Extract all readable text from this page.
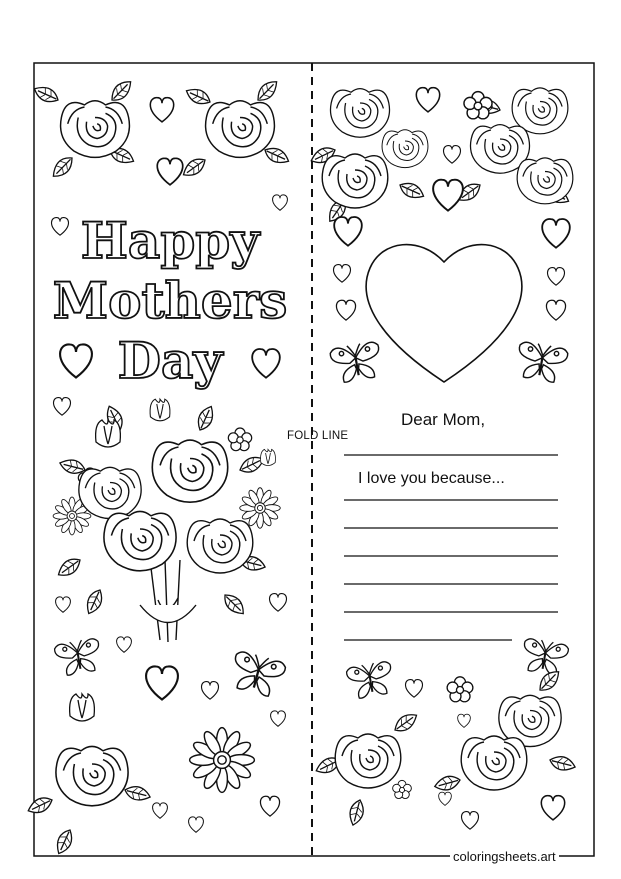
Happy
Mothers
Day
FOLD LINE
Dear Mom,
I love you because...
coloringsheets.art
